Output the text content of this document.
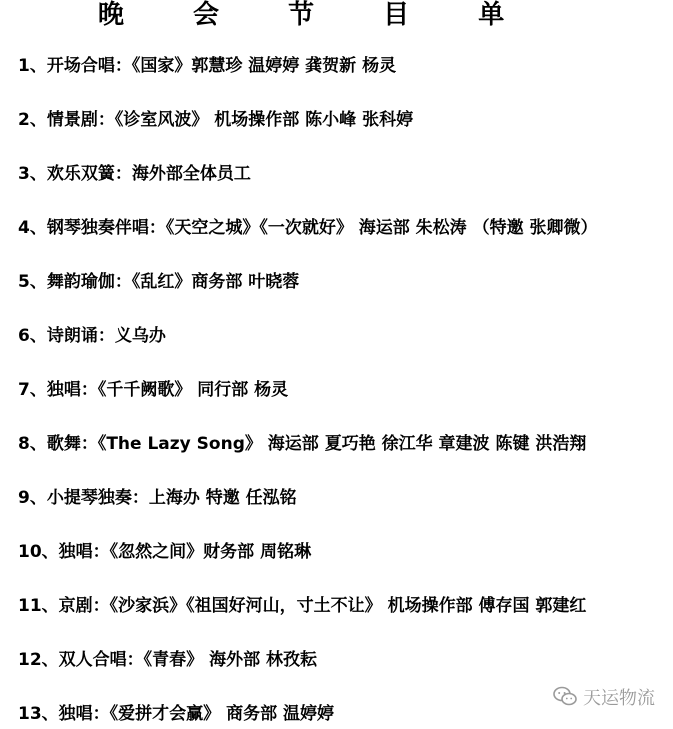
晚 会 节 目 单
1、开场合唱：《国家》郭慧珍 温婷婷 龚贺新 杨灵
2、情景剧：《诊室风波》 机场操作部 陈小峰 张科婷
3、欢乐双簧：海外部全体员工
4、钢琴独奏伴唱：《天空之城》《一次就好》 海运部 朱松涛 （特邀 张卿微）
5、舞韵瑜伽：《乱红》商务部 叶晓蓉
6、诗朗诵：义乌办
7、独唱：《千千阙歌》 同行部 杨灵
8、歌舞：《The Lazy Song》 海运部 夏巧艳 徐江华 章建波 陈键 洪浩翔
9、小提琴独奏：上海办 特邀 任泓铭
10、独唱：《忽然之间》财务部 周铭琳
11、京剧：《沙家浜》《祖国好河山，寸土不让》 机场操作部 傅存国 郭建红
12、双人合唱：《青春》 海外部 林孜耘
13、独唱：《爱拼才会赢》 商务部 温婷婷
天运物流
